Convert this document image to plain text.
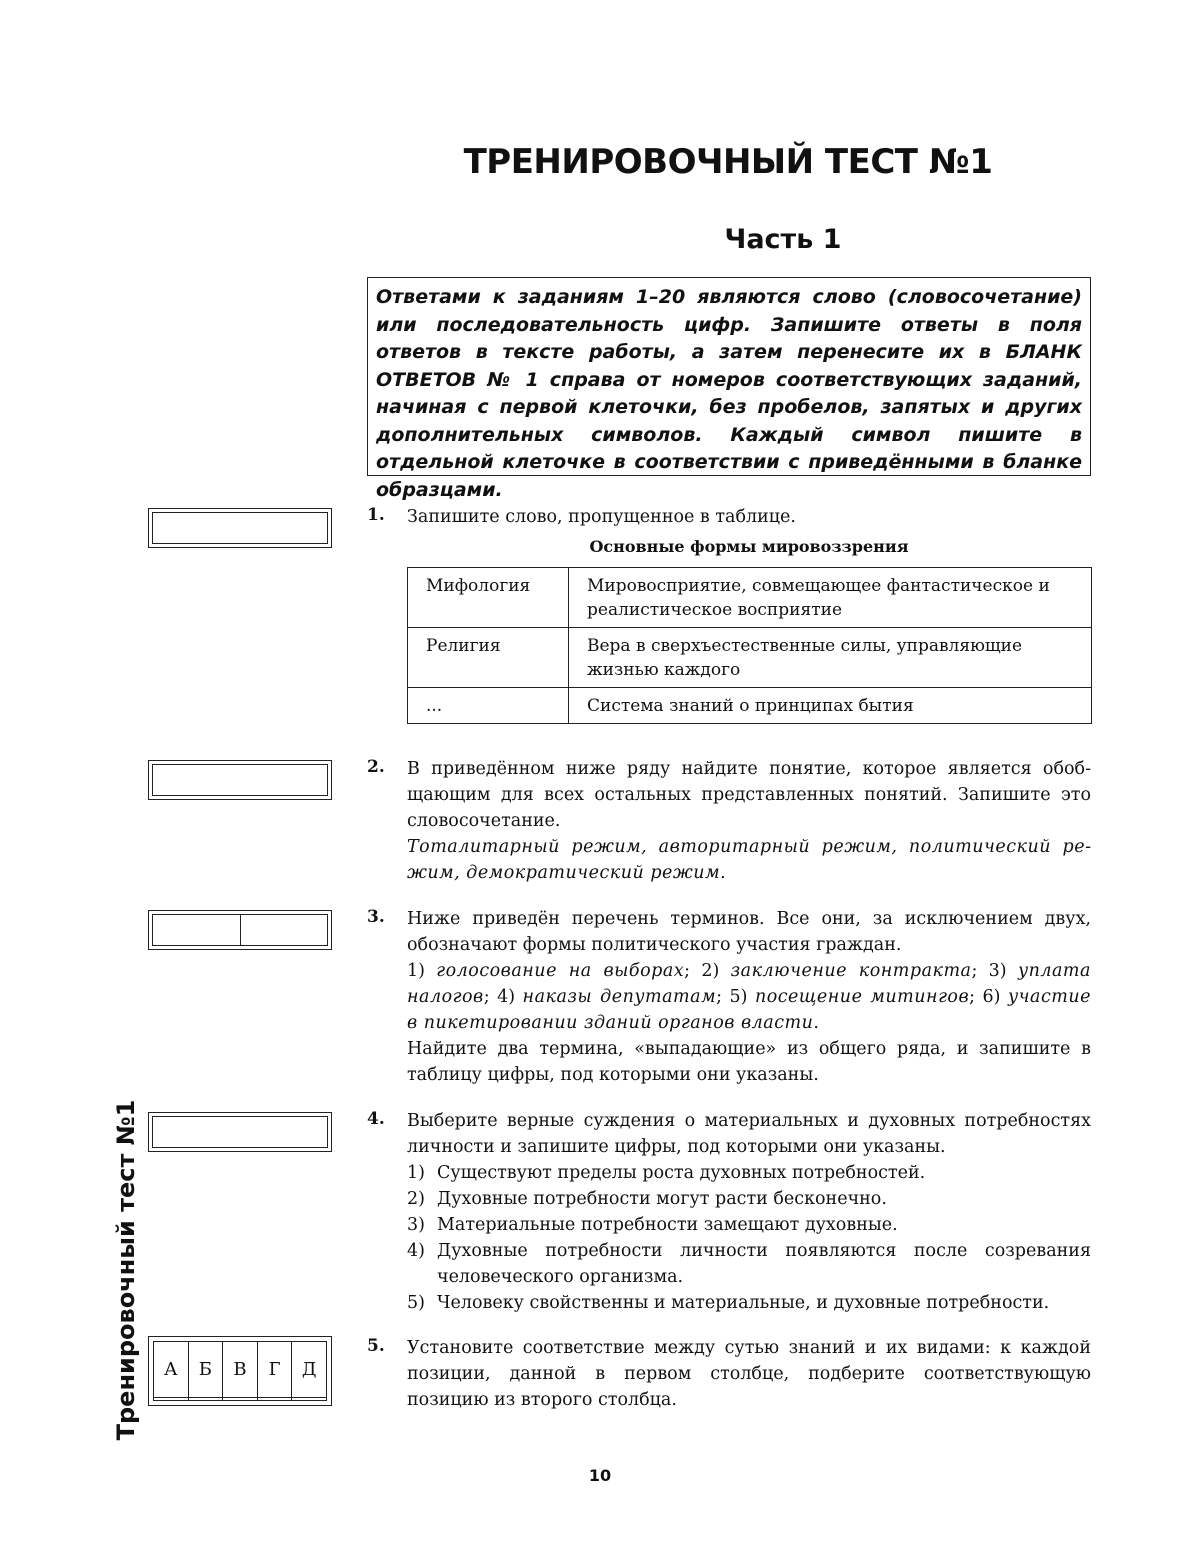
ТРЕНИРОВОЧНЫЙ ТЕСТ №1
Часть 1
Ответами к заданиям 1–20 являются слово (словосочетание) или последовательность цифр. Запишите ответы в поля ответов в тексте работы, а затем перенесите их в БЛАНК ОТВЕТОВ № 1 справа от номеров соответствующих заданий, начиная с первой клеточки, без пробелов, запятых и других дополнительных символов. Каждый символ пишите в отдельной клеточке в соответствии с приведёнными в бланке образцами.
1.	Запишите слово, пропущенное в таблице.
Основные формы мировоззрения
Мифология	Мировосприятие, совмещающее фантастическое и реалистическое восприятие
Религия	Вера в сверхъестественные силы, управляющие жизнью каждого
...	Система знаний о принципах бытия
2.	В приведённом ниже ряду найдите понятие, которое является обобщающим для всех остальных представленных понятий. Запишите это словосочетание.
Тоталитарный режим, авторитарный режим, политический режим, демократический режим.
3.	Ниже приведён перечень терминов. Все они, за исключением двух, обозначают формы политического участия граждан.
1) голосование на выборах; 2) заключение контракта; 3) уплата налогов; 4) наказы депутатам; 5) посещение митингов; 6) участие в пикетировании зданий органов власти.
Найдите два термина, «выпадающие» из общего ряда, и запишите в таблицу цифры, под которыми они указаны.
4.	Выберите верные суждения о материальных и духовных потребностях личности и запишите цифры, под которыми они указаны.
1) Существуют пределы роста духовных потребностей.
2) Духовные потребности могут расти бесконечно.
3) Материальные потребности замещают духовные.
4) Духовные потребности личности появляются после созревания человеческого организма.
5) Человеку свойственны и материальные, и духовные потребности.
А	Б	В	Г	Д

5.	Установите соответствие между сутью знаний и их видами: к каждой позиции, данной в первом столбце, подберите соответствующую позицию из второго столбца.
Тренировочный тест №1
10
